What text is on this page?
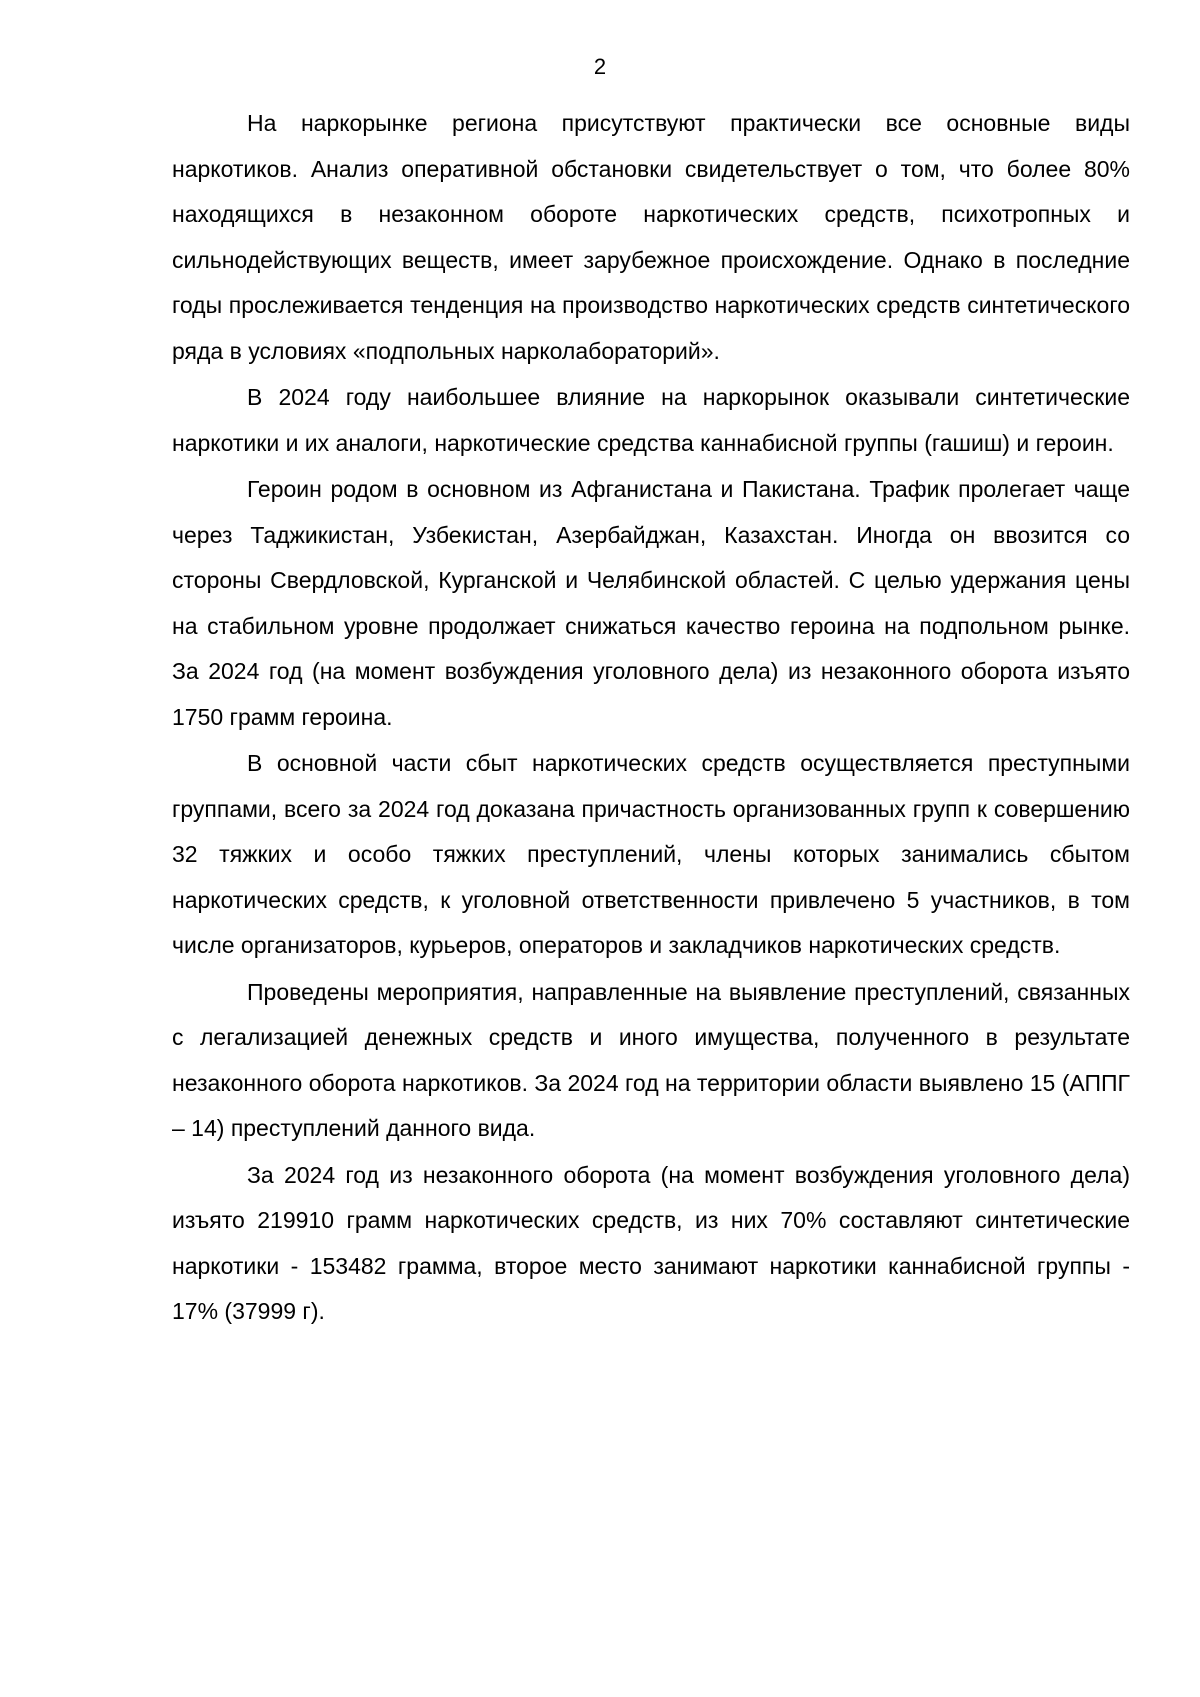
2

На наркорынке региона присутствуют практически все основные виды наркотиков. Анализ оперативной обстановки свидетельствует о том, что более 80% находящихся в незаконном обороте наркотических средств, психотропных и сильнодействующих веществ, имеет зарубежное происхождение. Однако в последние годы прослеживается тенденция на производство наркотических средств синтетического ряда в условиях «подпольных нарколабораторий».

В 2024 году наибольшее влияние на наркорынок оказывали синтетические наркотики и их аналоги, наркотические средства каннабисной группы (гашиш) и героин.

Героин родом в основном из Афганистана и Пакистана. Трафик пролегает чаще через Таджикистан, Узбекистан, Азербайджан, Казахстан. Иногда он ввозится со стороны Свердловской, Курганской и Челябинской областей. С целью удержания цены на стабильном уровне продолжает снижаться качество героина на подпольном рынке. За 2024 год (на момент возбуждения уголовного дела) из незаконного оборота изъято 1750 грамм героина.

В основной части сбыт наркотических средств осуществляется преступными группами, всего за 2024 год доказана причастность организованных групп к совершению 32 тяжких и особо тяжких преступлений, члены которых занимались сбытом наркотических средств, к уголовной ответственности привлечено 5 участников, в том числе организаторов, курьеров, операторов и закладчиков наркотических средств.

Проведены мероприятия, направленные на выявление преступлений, связанных с легализацией денежных средств и иного имущества, полученного в результате незаконного оборота наркотиков. За 2024 год на территории области выявлено 15 (АППГ – 14) преступлений данного вида.

За 2024 год из незаконного оборота (на момент возбуждения уголовного дела) изъято 219910 грамм наркотических средств, из них 70% составляют синтетические наркотики - 153482 грамма, второе место занимают наркотики каннабисной группы - 17% (37999 г).
